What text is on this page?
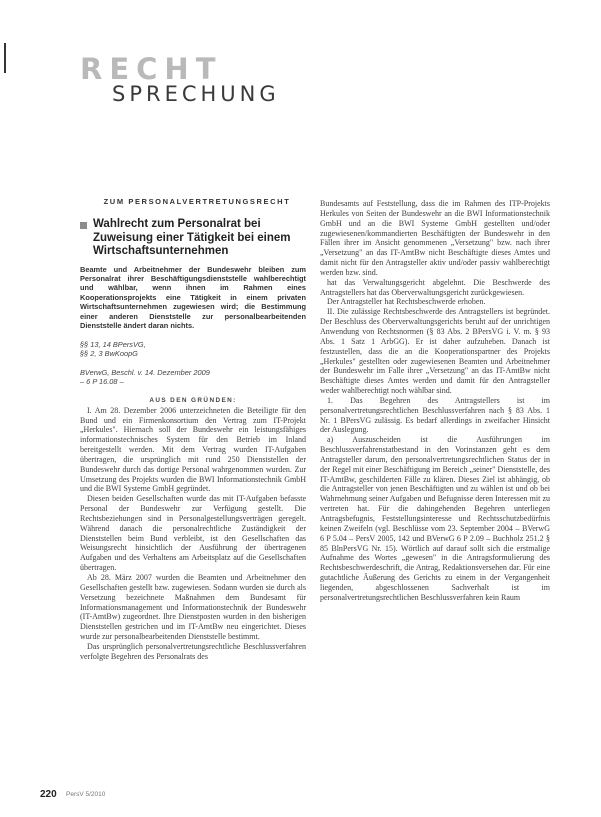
RECHT
SPRECHUNG
ZUM PERSONALVERTRETUNGSRECHT
Wahlrecht zum Personalrat bei Zuweisung einer Tätigkeit bei einem Wirtschaftsunternehmen
Beamte und Arbeitnehmer der Bundeswehr bleiben zum Personalrat ihrer Beschäftigungsdienststelle wahlberechtigt und wählbar, wenn ihnen im Rahmen eines Kooperationsprojekts eine Tätigkeit in einem privaten Wirtschaftsunternehmen zugewiesen wird; die Bestimmung einer anderen Dienststelle zur personalbearbeitenden Dienststelle ändert daran nichts.
§§ 13, 14 BPersVG,
§§ 2, 3 BwKoopG
BVerwG, Beschl. v. 14. Dezember 2009
– 6 P 16.08 –
AUS DEN GRÜNDEN:

I. Am 28. Dezember 2006 unterzeichneten die Beteiligte für den Bund und ein Firmenkonsortium den Vertrag zum IT-Projekt „Herkules". Hiernach soll der Bundeswehr ein leistungsfähiges informationstechnisches System für den Betrieb im Inland bereitgestellt werden. Mit dem Vertrag wurden IT-Aufgaben übertragen, die ursprünglich mit rund 250 Dienststellen der Bundeswehr durch das dortige Personal wahrgenommen wurden. Zur Umsetzung des Projekts wurden die BWI Informationstechnik GmbH und die BWI Systeme GmbH gegründet.

Diesen beiden Gesellschaften wurde das mit IT-Aufgaben befasste Personal der Bundeswehr zur Verfügung gestellt. Die Rechtsbeziehungen sind in Personalgestellungsverträgen geregelt. Während danach die personalrechtliche Zuständigkeit der Dienststellen beim Bund verbleibt, ist den Gesellschaften das Weisungsrecht hinsichtlich der Ausführung der übertragenen Aufgaben und des Verhaltens am Arbeitsplatz auf die Gesellschaften übertragen.

Ab 28. März 2007 wurden die Beamten und Arbeitnehmer den Gesellschaften gestellt bzw. zugewiesen. Sodann wurden sie durch als Versetzung bezeichnete Maßnahmen dem Bundesamt für Informationsmanagement und Informationstechnik der Bundeswehr (IT-AmtBw) zugeordnet. Ihre Dienstposten wurden in den bisherigen Dienststellen gestrichen und im IT-AmtBw neu eingerichtet. Dieses wurde zur personalbearbeitenden Dienststelle bestimmt.

Das ursprünglich personalvertretungsrechtliche Beschlussverfahren verfolgte Begehren des Personalrats des

Bundesamts auf Feststellung, dass die im Rahmen des ITP-Projekts Herkules von Seiten der Bundeswehr an die BWI Informationstechnik GmbH und an die BWI Systeme GmbH gestellten und/oder zugewiesenen/kommandierten Beschäftigten der Bundeswehr in den Fällen ihrer im Ansicht genommenen „Versetzung" bzw. nach ihrer „Versetzung" an das IT-AmtBw nicht Beschäftigte dieses Amtes und damit nicht für den Antragsteller aktiv und/oder passiv wahlberechtigt werden bzw. sind.

hat das Verwaltungsgericht abgelehnt. Die Beschwerde des Antragstellers hat das Oberverwaltungsgericht zurückgewiesen.

Der Antragsteller hat Rechtsbeschwerde erhoben.

II. Die zulässige Rechtsbeschwerde des Antragstellers ist begründet. Der Beschluss des Oberverwaltungsgerichts beruht auf der unrichtigen Anwendung von Rechtsnormen (§ 83 Abs. 2 BPersVG i. V. m. § 93 Abs. 1 Satz 1 ArbGG). Er ist daher aufzuheben. Danach ist festzustellen, dass die an die Kooperationspartner des Projekts „Herkules" gestellten oder zugewiesenen Beamten und Arbeitnehmer der Bundeswehr im Falle ihrer „Versetzung" an das IT-AmtBw nicht Beschäftigte dieses Amtes werden und damit für den Antragsteller weder wahlberechtigt noch wählbar sind.

1. Das Begehren des Antragstellers ist im personalvertretungsrechtlichen Beschlussverfahren nach § 83 Abs. 1 Nr. 1 BPersVG zulässig. Es bedarf allerdings in zweifacher Hinsicht der Auslegung.

a) Auszuscheiden ist die Ausführungen im Beschlussverfahrenstatbestand in den Vorinstanzen geht es dem Antragsteller darum, den personalvertretungsrechtlichen Status der in der Regel mit einer Beschäftigung im Bereich „seiner" Dienststelle, des IT-AmtBw, geschilderten Fälle zu klären. Dieses Ziel ist abhängig, ob die Antragsteller von jenen Beschäftigten und zu wählen ist und ob bei Wahrnehmung seiner Aufgaben und Befugnisse deren Interessen mit zu vertreten hat. Für die dahingehenden Begehren unterliegen Antragsbefugnis, Feststellungsinteresse und Rechtsschutzbedürfnis keinen Zweifeln (vgl. Beschlüsse vom 23. September 2004 – BVerwG 6 P 5.04 – PersV 2005, 142 und BVerwG 6 P 2.09 – Buchholz 251.2 § 85 BlnPersVG Nr. 15). Wörtlich auf darauf sollt sich die erstmalige Aufnahme des Wortes „gewesen" in die Antragsformulierung des Rechtsbeschwerdeschrift, die Antrag, Redaktionsversehen dar. Für eine gutachtliche Äußerung des Gerichts zu einem in der Vergangenheit liegenden, abgeschlossenen Sachverhalt ist im personalvertretungsrechtlichen Beschlussverfahren kein Raum

220 PersV 5/2010
